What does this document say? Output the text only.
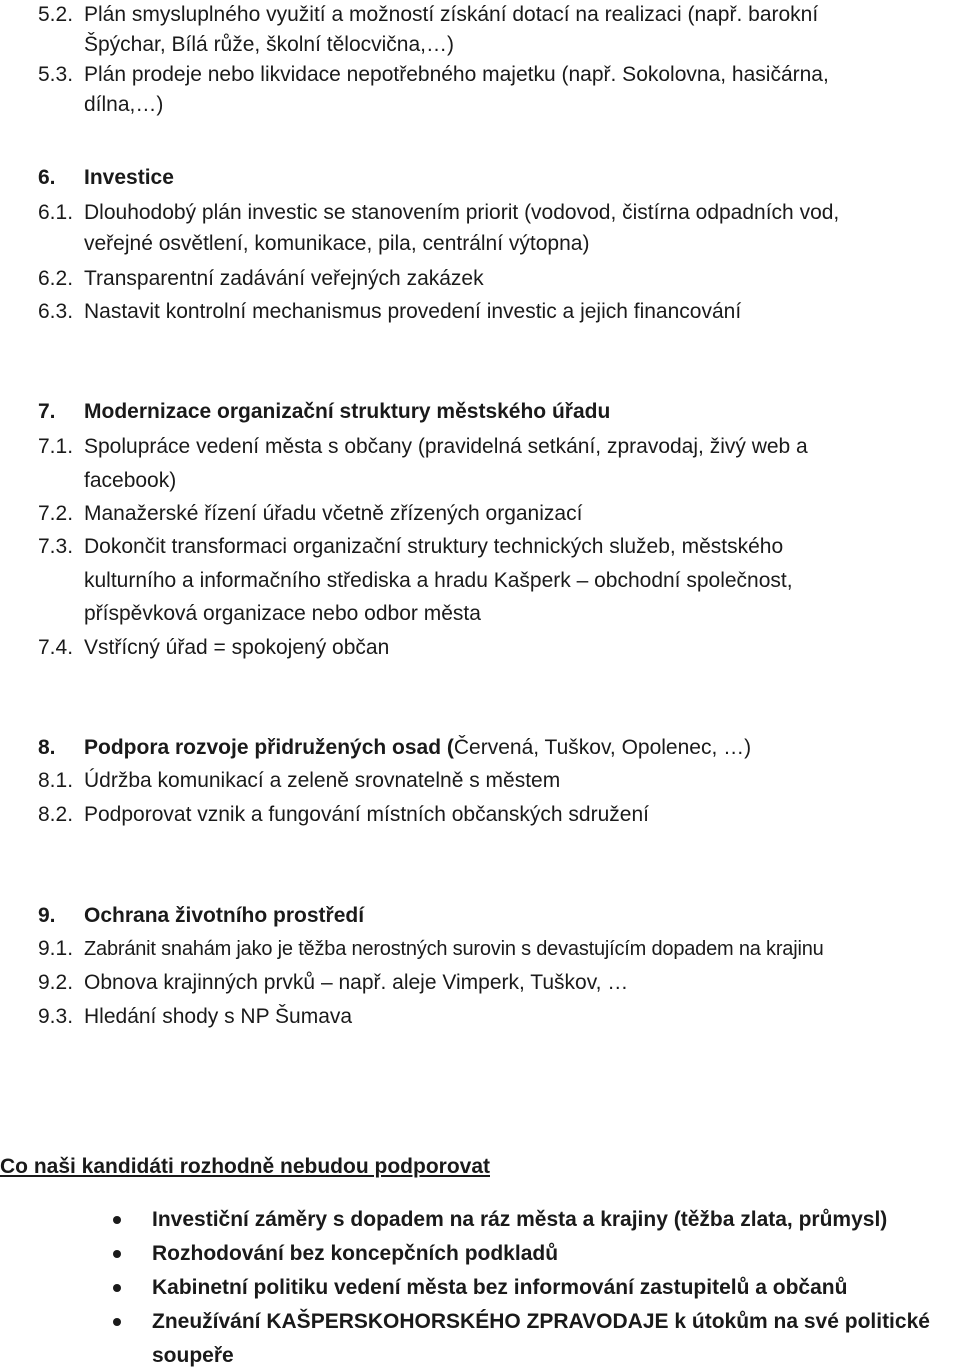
5.2. Plán smysluplného využití a možností získání dotací na realizaci (např. barokní
Špýchar, Bílá růže, školní tělocvična,…)
5.3. Plán prodeje nebo likvidace nepotřebného majetku (např. Sokolovna, hasičárna,
dílna,…)
6. Investice
6.1. Dlouhodobý plán investic se stanovením priorit (vodovod, čistírna odpadních vod,
veřejné osvětlení, komunikace, pila, centrální výtopna)
6.2. Transparentní zadávání veřejných zakázek
6.3. Nastavit kontrolní mechanismus provedení investic a jejich financování
7. Modernizace organizační struktury městského úřadu
7.1. Spolupráce vedení města s občany (pravidelná setkání, zpravodaj, živý web a
facebook)
7.2. Manažerské řízení úřadu včetně zřízených organizací
7.3. Dokončit transformaci organizační struktury technických služeb, městského
kulturního a informačního střediska a hradu Kašperk – obchodní společnost,
příspěvková organizace nebo odbor města
7.4. Vstřícný úřad = spokojený občan
8. Podpora rozvoje přidružených osad (Červená, Tuškov, Opolenec, …)
8.1. Údržba komunikací a zeleně srovnatelně s městem
8.2. Podporovat vznik a fungování místních občanských sdružení
9. Ochrana životního prostředí
9.1. Zabránit snahám jako je těžba nerostných surovin s devastujícím dopadem na krajinu
9.2. Obnova krajinných prvků – např. aleje Vimperk, Tuškov, …
9.3. Hledání shody s NP Šumava
Co naši kandidáti rozhodně nebudou podporovat
Investiční záměry s dopadem na ráz města a krajiny (těžba zlata, průmysl)
Rozhodování bez koncepčních podkladů
Kabinetní politiku vedení města bez informování zastupitelů a občanů
Zneužívání KAŠPERSKOHORSKÉHO ZPRAVODAJE k útokům na své politické
soupeře
